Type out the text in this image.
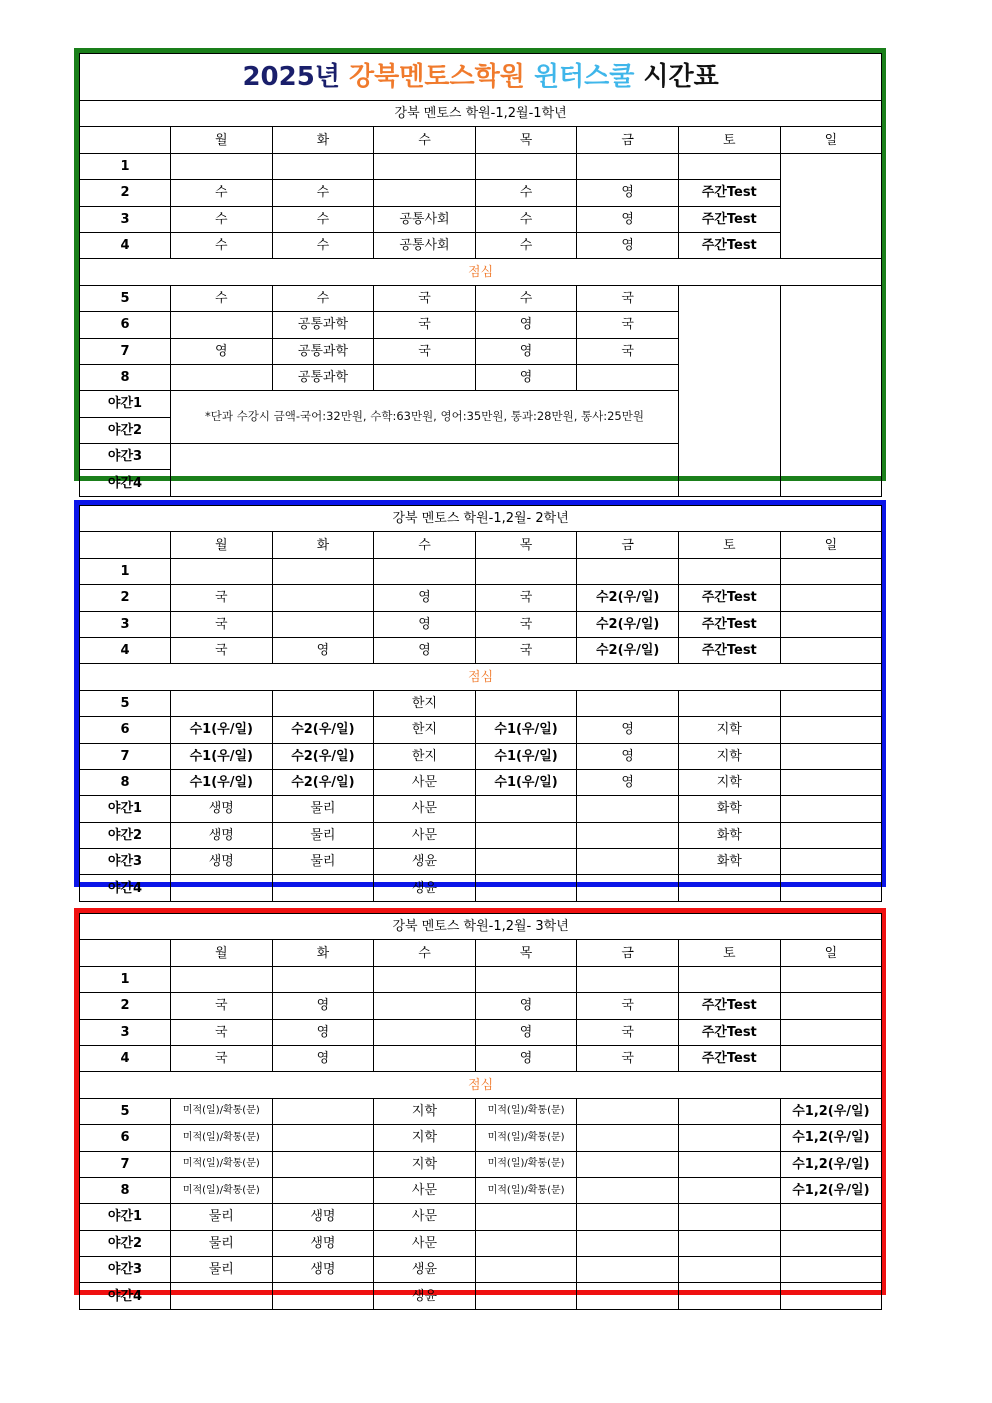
2025년 강북멘토스학원 윈터스쿨 시간표							
강북 멘토스 학원-1,2월-1학년							
	월	화	수	목	금	토	일
1							
2	수	수		수	영	주간Test	
3	수	수	공통사회	수	영	주간Test	
4	수	수	공통사회	수	영	주간Test	
점심							
5	수	수	국	수	국		
6		공통과학	국	영	국		
7	영	공통과학	국	영	국		
8		공통과학		영			
야간1	*단과 수강시 금액-국어:32만원, 수학:63만원, 영어:35만원, 통과:28만원, 통사:25만원						
야간2							
야간3							
야간4							
강북 멘토스 학원-1,2월- 2학년							
	월	화	수	목	금	토	일
1							
2	국		영	국	수2(우/일)	주간Test	
3	국		영	국	수2(우/일)	주간Test	
4	국	영	영	국	수2(우/일)	주간Test	
점심							
5			한지				
6	수1(우/일)	수2(우/일)	한지	수1(우/일)	영	지학	
7	수1(우/일)	수2(우/일)	한지	수1(우/일)	영	지학	
8	수1(우/일)	수2(우/일)	사문	수1(우/일)	영	지학	
야간1	생명	물리	사문			화학	
야간2	생명	물리	사문			화학	
야간3	생명	물리	생윤			화학	
야간4			생윤				
강북 멘토스 학원-1,2월- 3학년							
	월	화	수	목	금	토	일
1							
2	국	영		영	국	주간Test	
3	국	영		영	국	주간Test	
4	국	영		영	국	주간Test	
점심							
5	미적(일)/확통(문)		지학	미적(일)/확통(문)			수1,2(우/일)
6	미적(일)/확통(문)		지학	미적(일)/확통(문)			수1,2(우/일)
7	미적(일)/확통(문)		지학	미적(일)/확통(문)			수1,2(우/일)
8	미적(일)/확통(문)		사문	미적(일)/확통(문)			수1,2(우/일)
야간1	물리	생명	사문				
야간2	물리	생명	사문				
야간3	물리	생명	생윤				
야간4			생윤				
